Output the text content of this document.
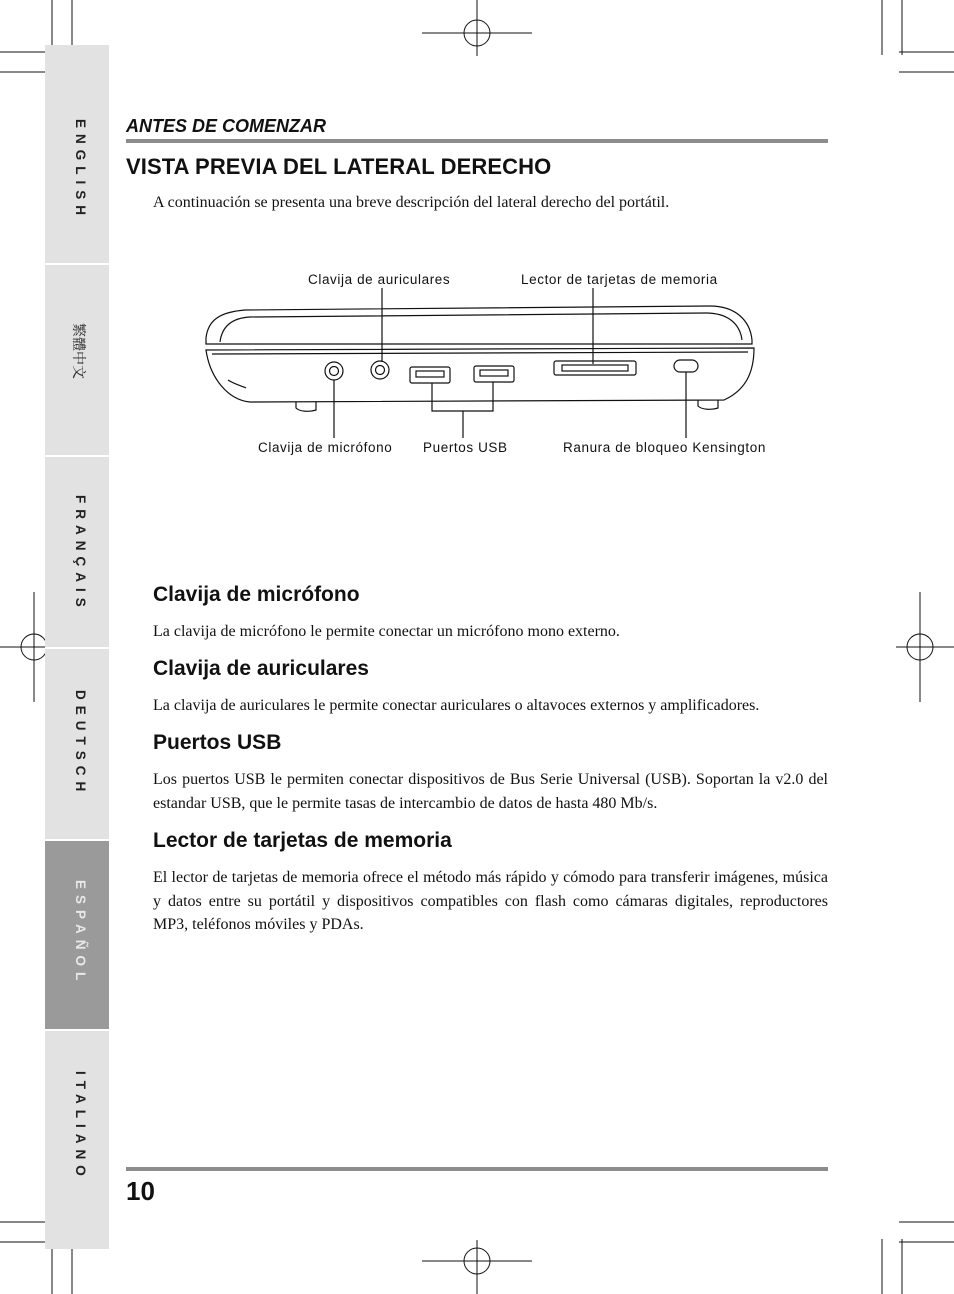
ENGLISH
繁體中文
FRANÇAIS
DEUTSCH
ESPAÑOL
ITALIANO
ANTES DE COMENZAR
VISTA PREVIA DEL LATERAL DERECHO
A continuación se presenta una breve descripción del lateral derecho del portátil.
Clavija de auriculares	Lector de tarjetas de memoria
Clavija de micrófono Puertos USB	Ranura de bloqueo Kensington
Clavija de micrófono

La clavija de micrófono le permite conectar un micrófono mono externo.

Clavija de auriculares

La clavija de auriculares le permite conectar auriculares o altavoces externos y amplificadores.

Puertos USB

Los puertos USB le permiten conectar dispositivos de Bus Serie Universal (USB). Soportan la v2.0 del estandar USB, que le permite tasas de intercambio de datos de hasta 480 Mb/s.

Lector de tarjetas de memoria

El lector de tarjetas de memoria ofrece el método más rápido y cómodo para transferir imágenes, música y datos entre su portátil y dispositivos compatibles con flash como cámaras digitales, reproductores MP3, teléfonos móviles y PDAs.

10
